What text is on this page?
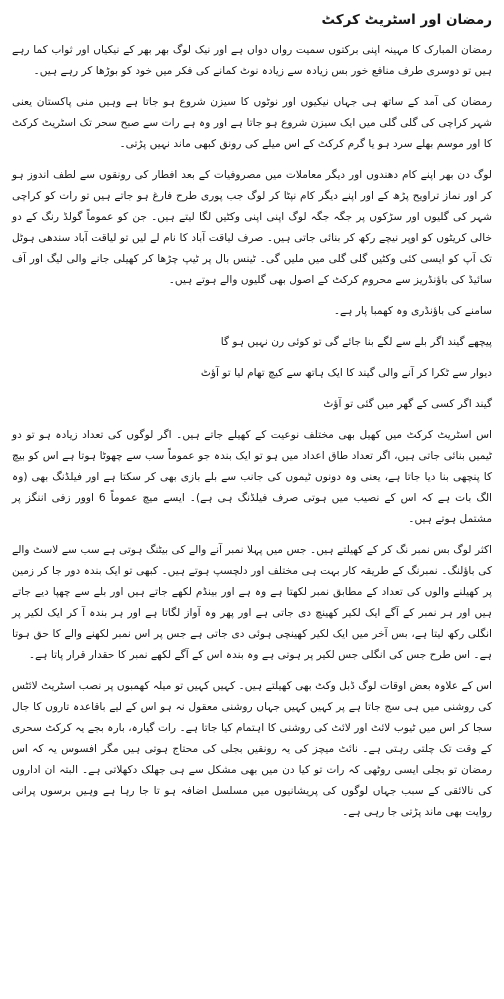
رمضان اور اسٹریٹ کرکٹ

رمضان المبارک کا مہینہ اپنی برکتوں سمیت رواں دواں ہے اور نیک لوگ بھر بھر کے نیکیاں اور ثواب کما رہے ہیں تو دوسری طرف منافع خور بس زیادہ سے زیادہ نوٹ کمانے کی فکر میں خود کو بوڑھا کر رہے ہیں۔

رمضان کی آمد کے ساتھ ہی جہاں نیکیوں اور نوٹوں کا سیزن شروع ہو جاتا ہے وہیں منی پاکستان یعنی شہر کراچی کی گلی گلی میں ایک سیزن شروع ہو جاتا ہے اور وہ ہے رات سے صبح سحر تک اسٹریٹ کرکٹ کا اور موسم بھلے سرد ہو یا گرم کرکٹ کے اس میلے کی رونق کبھی ماند نہیں پڑتی۔

لوگ دن بھر اپنے کام دھندوں اور دیگر معاملات میں مصروفیات کے بعد افطار کی رونقوں سے لطف اندوز ہو کر اور نماز تراویح پڑھ کے اور اپنے دیگر کام نپٹا کر لوگ جب پوری طرح فارغ ہو جاتے ہیں تو رات کو کراچی شہر کی گلیوں اور سڑکوں پر جگہ جگہ لوگ اپنی اپنی وکٹیں لگا لیتے ہیں۔ جن کو عموماً گولڈ رنگ کے دو خالی کریٹوں کو اوپر نیچے رکھ کر بنائی جاتی ہیں۔ صرف لیاقت آباد کا نام لے لیں تو لیاقت آباد سندھی ہوٹل تک آپ کو ایسی کئی وکٹیں گلی گلی میں ملیں گی۔ ٹینس بال پر ٹیپ چڑھا کر کھیلی جانے والی لیگ اور آف سائیڈ کی باؤنڈریز سے محروم کرکٹ کے اصول بھی گلیوں والے ہوتے ہیں۔

سامنے کی باؤنڈری وہ کھمبا پار ہے۔

پیچھے گیند اگر بلے سے لگے بنا جائے گی تو کوئی رن نہیں ہو گا

دیوار سے ٹکرا کر آنے والی گیند کا ایک ہاتھ سے کیچ تھام لیا تو آؤٹ

گیند اگر کسی کے گھر میں گئی تو آؤٹ

اس اسٹریٹ کرکٹ میں کھیل بھی مختلف نوعیت کے کھیلے جاتے ہیں۔ اگر لوگوں کی تعداد زیادہ ہو تو دو ٹیمیں بنائی جاتی ہیں، اگر تعداد طاق اعداد میں ہو تو ایک بندہ جو عموماً سب سے چھوٹا ہوتا ہے اس کو بیچ کا پنچھی بنا دیا جاتا ہے، یعنی وہ دونوں ٹیموں کی جانب سے بلے بازی بھی کر سکتا ہے اور فیلڈنگ بھی (وہ الگ بات ہے کہ اس کے نصیب میں ہوتی صرف فیلڈنگ ہی ہے)۔ ایسے میچ عموماً 6 اوور زفی اننگز پر مشتمل ہوتے ہیں۔

اکثر لوگ بس نمبر نگ کر کے کھیلتے ہیں۔ جس میں پہلا نمبر آنے والے کی بیٹنگ ہوتی ہے سب سے لاسٹ والے کی باؤلنگ۔ نمبرنگ کے طریقہ کار بہت ہی مختلف اور دلچسپ ہوتے ہیں۔ کبھی تو ایک بندہ دور جا کر زمین پر کھیلنے والوں کی تعداد کے مطابق نمبر لکھتا ہے وہ ہے اور بینڈم لکھے جاتے ہیں اور بلے سے چھپا دیے جاتے ہیں اور ہر نمبر کے آگے ایک لکیر کھینچ دی جاتی ہے اور پھر وہ آواز لگاتا ہے اور ہر بندہ آ کر ایک لکیر پر انگلی رکھ لیتا ہے، بس آخر میں ایک لکیر کھینچی ہوئی دی جاتی ہے جس پر اس نمبر لکھنے والے کا حق ہوتا ہے۔ اس طرح جس کی انگلی جس لکیر پر ہوتی ہے وہ بندہ اس کے آگے لکھے نمبر کا حقدار قرار پاتا ہے۔

اس کے علاوہ بعض اوقات لوگ ڈبل وکٹ بھی کھیلتے ہیں۔ کہیں کہیں تو میلہ کھمبوں پر نصب اسٹریٹ لائٹس کی روشنی میں ہی سج جاتا ہے پر کہیں کہیں جہاں روشنی معقول نہ ہو اس کے لیے باقاعدہ تاروں کا جال سجا کر اس میں ٹیوب لائٹ اور لائٹ کی روشنی کا اہتمام کیا جاتا ہے۔ رات گیارہ، بارہ بجے یہ کرکٹ سحری کے وقت تک چلتی رہتی ہے۔ نائٹ میچز کی یہ رونقیں بجلی کی محتاج ہوتی ہیں مگر افسوس یہ کہ اس رمضان تو بجلی ایسی روٹھی کہ رات تو کیا دن میں بھی مشکل سے ہی جھلک دکھلاتی ہے۔ البتہ ان اداروں کی نالائقی کے سبب جہاں لوگوں کی پریشانیوں میں مسلسل اضافہ ہو تا جا رہا ہے وہیں برسوں پرانی روایت بھی ماند پڑتی جا رہی ہے۔
